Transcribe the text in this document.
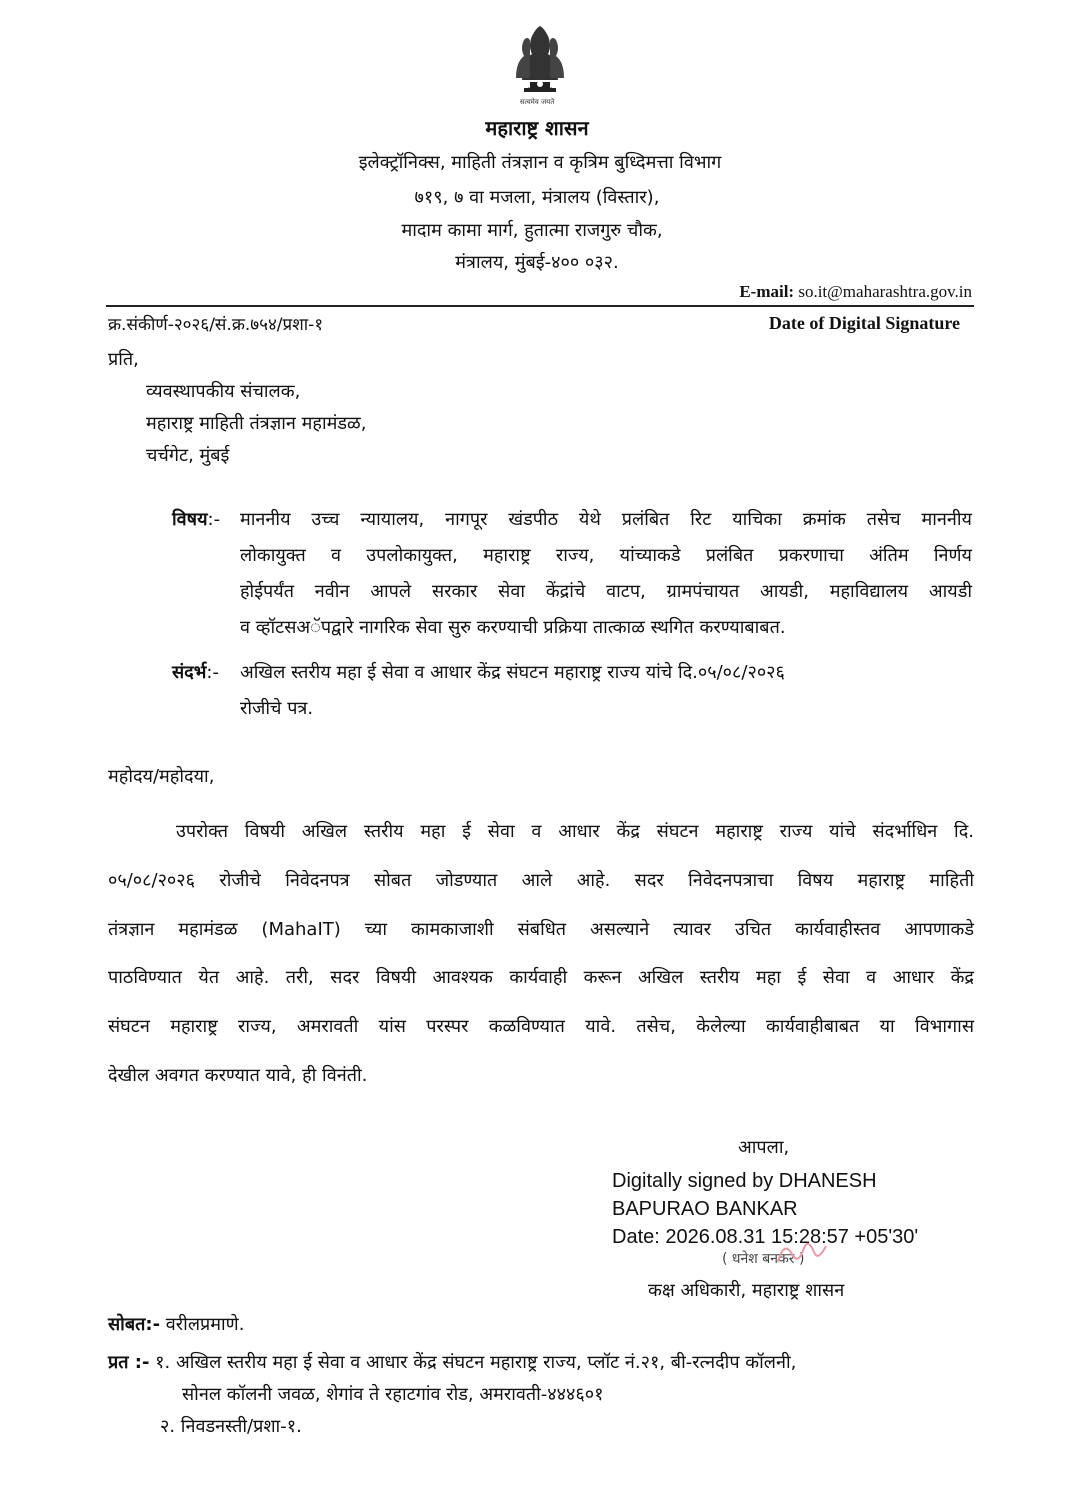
सत्यमेव जयते
महाराष्ट्र शासन
इलेक्ट्रॉनिक्स, माहिती तंत्रज्ञान व कृत्रिम बुध्दिमत्ता विभाग
७१९, ७ वा मजला, मंत्रालय (विस्तार),
मादाम कामा मार्ग, हुतात्मा राजगुरु चौक,
मंत्रालय, मुंबई-४०० ०३२.
E-mail: so.it@maharashtra.gov.in
क्र.संकीर्ण-२०२६/सं.क्र.७५४/प्रशा-१	Date of Digital Signature
प्रति,
व्यवस्थापकीय संचालक,
महाराष्ट्र माहिती तंत्रज्ञान महामंडळ,
चर्चगेट, मुंबई
विषय:- माननीय उच्च न्यायालय, नागपूर खंडपीठ येथे प्रलंबित रिट याचिका क्रमांक तसेच माननीय
लोकायुक्त व उपलोकायुक्त, महाराष्ट्र राज्य, यांच्याकडे प्रलंबित प्रकरणाचा अंतिम निर्णय
होईपर्यंत नवीन आपले सरकार सेवा केंद्रांचे वाटप, ग्रामपंचायत आयडी, महाविद्यालय आयडी
व व्हॉटसअॅपद्वारे नागरिक सेवा सुरु करण्याची प्रक्रिया तात्काळ स्थगित करण्याबाबत.
संदर्भ:- अखिल स्तरीय महा ई सेवा व आधार केंद्र संघटन महाराष्ट्र राज्य यांचे दि.०५/०८/२०२६
रोजीचे पत्र.
महोदय/महोदया,
उपरोक्त विषयी अखिल स्तरीय महा ई सेवा व आधार केंद्र संघटन महाराष्ट्र राज्य यांचे संदर्भाधिन दि.
०५/०८/२०२६ रोजीचे निवेदनपत्र सोबत जोडण्यात आले आहे. सदर निवेदनपत्राचा विषय महाराष्ट्र माहिती
तंत्रज्ञान महामंडळ (MahaIT) च्या कामकाजाशी संबधित असल्याने त्यावर उचित कार्यवाहीस्तव आपणाकडे
पाठविण्यात येत आहे. तरी, सदर विषयी आवश्यक कार्यवाही करून अखिल स्तरीय महा ई सेवा व आधार केंद्र
संघटन महाराष्ट्र राज्य, अमरावती यांस परस्पर कळविण्यात यावे. तसेच, केलेल्या कार्यवाहीबाबत या विभागास
देखील अवगत करण्यात यावे, ही विनंती.
आपला,
Digitally signed by DHANESH
BAPURAO BANKAR
Date: 2026.08.31 15:28:57 +05'30'
( धनेश बनकर )
कक्ष अधिकारी, महाराष्ट्र शासन
सोबत:- वरीलप्रमाणे.
प्रत :- १. अखिल स्तरीय महा ई सेवा व आधार केंद्र संघटन महाराष्ट्र राज्य, प्लॉट नं.२१, बी-रत्नदीप कॉलनी,
सोनल कॉलनी जवळ, शेगांव ते रहाटगांव रोड, अमरावती-४४४६०१
२. निवडनस्ती/प्रशा-१.
